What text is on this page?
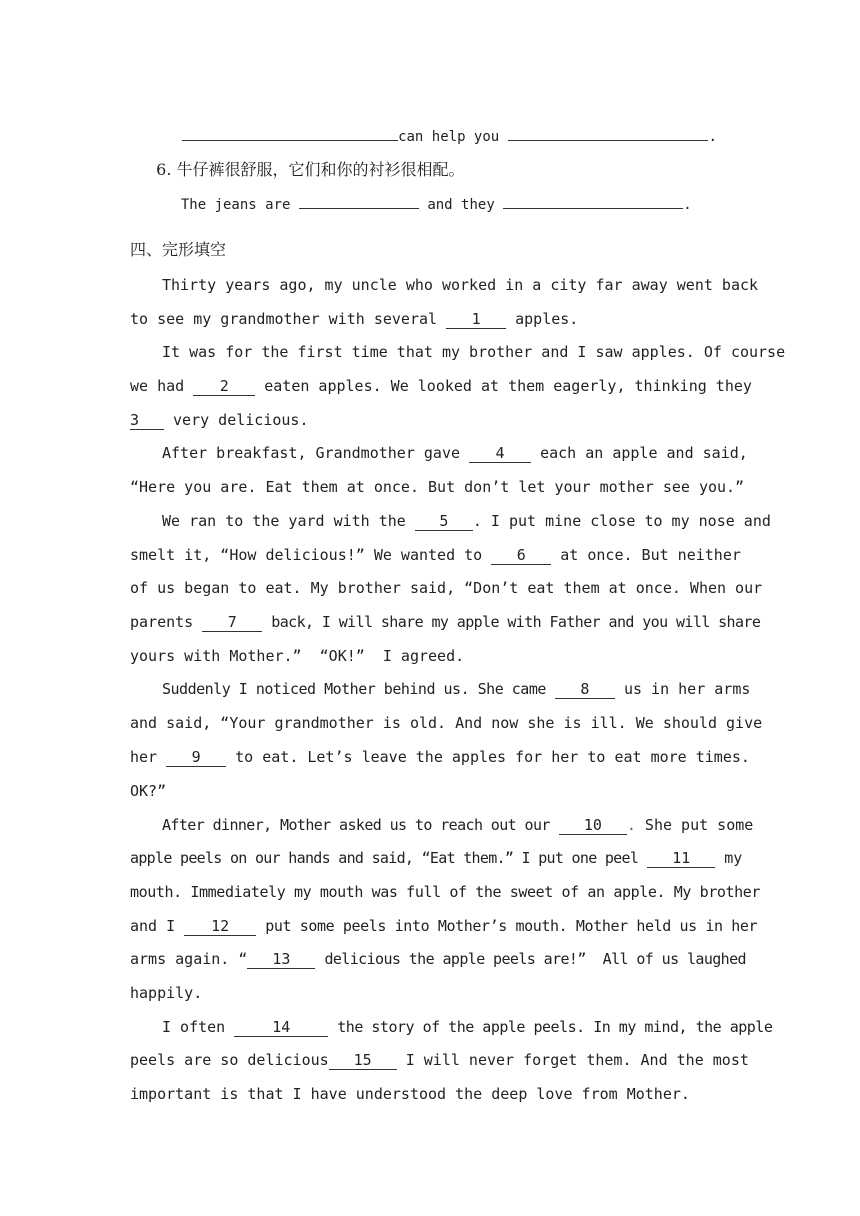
can help you	.

6. 牛仔裤很舒服，它们和你的衬衫很相配。

The jeans are	and they	.

四、完形填空
Thirty years ago, my uncle who worked in a city far away went back
to see my grandmother with several 1 apples.
It was for the first time that my brother and I saw apples. Of course
we had 2 eaten apples. We looked at them eagerly, thinking they
3 very delicious.
After breakfast, Grandmother gave 4 each an apple and said,
“Here you are. Eat them at once. But don’t let your mother see you.”
We ran to the yard with the 5 . I put mine close to my nose and
smelt it, “How delicious!” We wanted to 6 at once. But neither
of us began to eat. My brother said, “Don’t eat them at once. When our
parents 7 back, I will share my apple with Father and you will share
yours with Mother.”  “OK!”  I agreed.
Suddenly I noticed Mother behind us. She came 8 us in her arms
and said, “Your grandmother is old. And now she is ill. We should give
her 9 to eat. Let’s leave the apples for her to eat more times.
OK?”
After dinner, Mother asked us to reach out our 10 . She put some
apple peels on our hands and said, “Eat them.” I put one peel 11 my
mouth. Immediately my mouth was full of the sweet of an apple. My brother
and I 12 put some peels into Mother’s mouth. Mother held us in her
arms again. “ 13 delicious the apple peels are!”  All of us laughed
happily.
I often	14	the story of the apple peels. In my mind, the apple
peels are so delicious 15 I will never forget them. And the most
important is that I have understood the deep love from Mother.
